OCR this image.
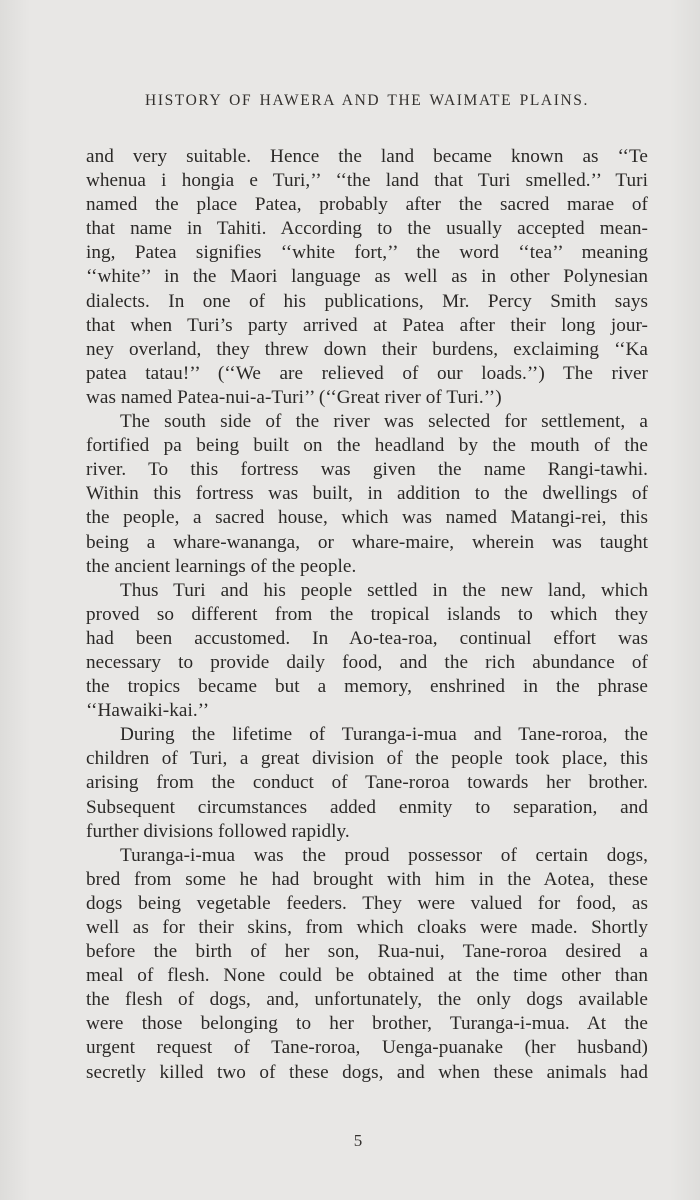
HISTORY OF HAWERA AND THE WAIMATE PLAINS.
and very suitable. Hence the land became known as ‘‘Te
whenua i hongia e Turi,’’ ‘‘the land that Turi smelled.’’ Turi
named the place Patea, probably after the sacred marae of
that name in Tahiti. According to the usually accepted mean-
ing, Patea signifies ‘‘white fort,’’ the word ‘‘tea’’ meaning
‘‘white’’ in the Maori language as well as in other Polynesian
dialects. In one of his publications, Mr. Percy Smith says
that when Turi’s party arrived at Patea after their long jour-
ney overland, they threw down their burdens, exclaiming ‘‘Ka
patea tatau!’’ (‘‘We are relieved of our loads.’’) The river
was named Patea-nui-a-Turi’’ (‘‘Great river of Turi.’’)
The south side of the river was selected for settlement, a
fortified pa being built on the headland by the mouth of the
river. To this fortress was given the name Rangi-tawhi.
Within this fortress was built, in addition to the dwellings of
the people, a sacred house, which was named Matangi-rei, this
being a whare-wananga, or whare-maire, wherein was taught
the ancient learnings of the people.
Thus Turi and his people settled in the new land, which
proved so different from the tropical islands to which they
had been accustomed. In Ao-tea-roa, continual effort was
necessary to provide daily food, and the rich abundance of
the tropics became but a memory, enshrined in the phrase
‘‘Hawaiki-kai.’’
During the lifetime of Turanga-i-mua and Tane-roroa, the
children of Turi, a great division of the people took place, this
arising from the conduct of Tane-roroa towards her brother.
Subsequent circumstances added enmity to separation, and
further divisions followed rapidly.
Turanga-i-mua was the proud possessor of certain dogs,
bred from some he had brought with him in the Aotea, these
dogs being vegetable feeders. They were valued for food, as
well as for their skins, from which cloaks were made. Shortly
before the birth of her son, Rua-nui, Tane-roroa desired a
meal of flesh. None could be obtained at the time other than
the flesh of dogs, and, unfortunately, the only dogs available
were those belonging to her brother, Turanga-i-mua. At the
urgent request of Tane-roroa, Uenga-puanake (her husband)
secretly killed two of these dogs, and when these animals had
5
